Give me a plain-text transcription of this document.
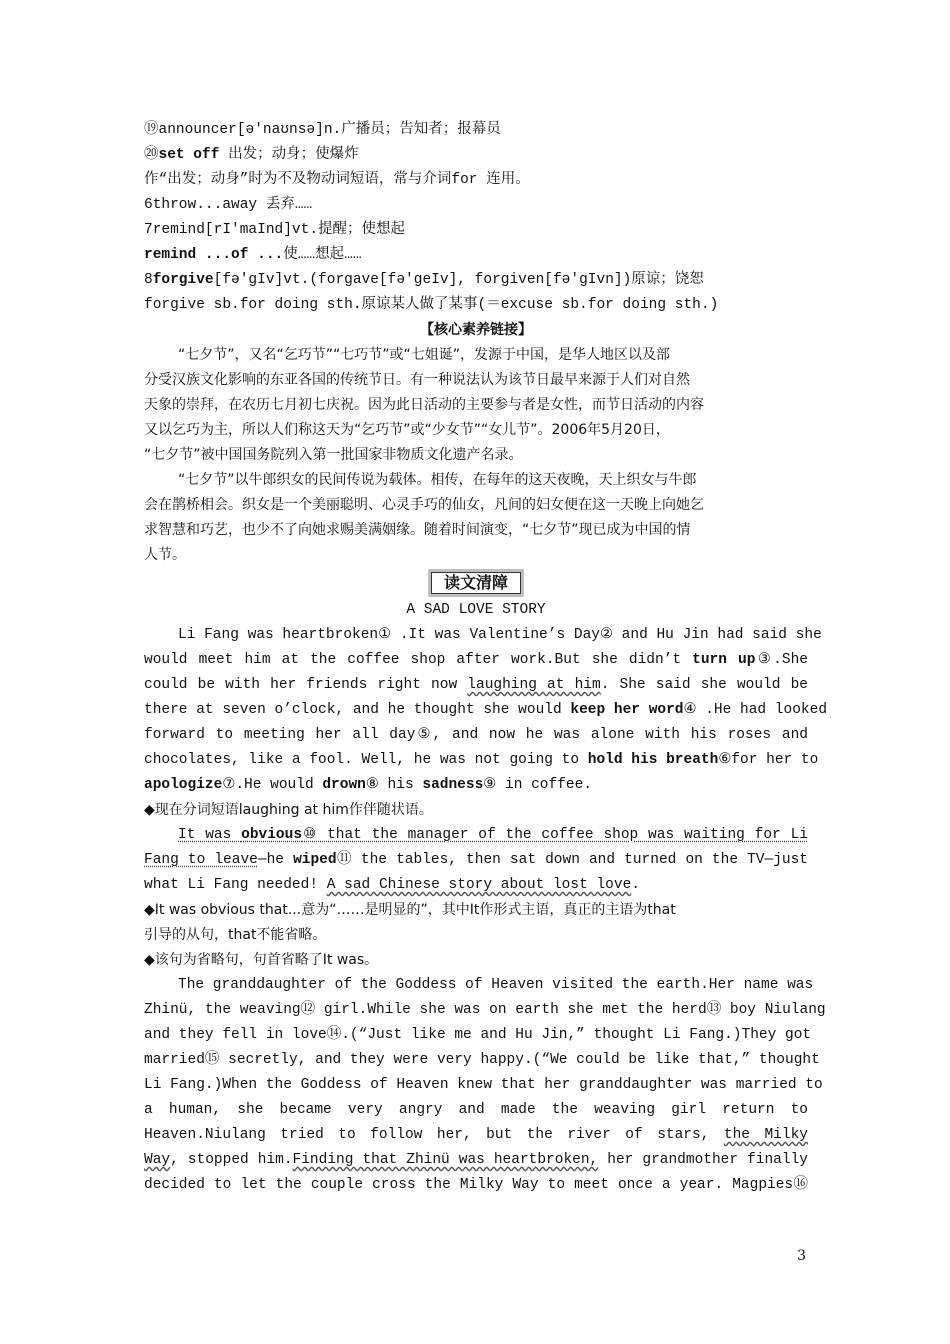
⑲announcer[ə'naʊnsə]n.广播员；告知者；报幕员
⑳set off 出发；动身；使爆炸
作“出发；动身”时为不及物动词短语，常与介词for 连用。
6throw...away 丢弃……
7remind[rI'maInd]vt.提醒；使想起
remind ...of ...使……想起……
8forgive[fə'gIv]vt.(forgave[fə'geIv], forgiven[fə'gIvn])原谅；饶恕
forgive sb.for doing sth.原谅某人做了某事(＝excuse sb.for doing sth.)
【核心素养链接】
“七夕节”，又名“乞巧节”“七巧节”或“七姐诞”，发源于中国，是华人地区以及部
分受汉族文化影响的东亚各国的传统节日。有一种说法认为该节日最早来源于人们对自然
天象的崇拜，在农历七月初七庆祝。因为此日活动的主要参与者是女性，而节日活动的内容
又以乞巧为主，所以人们称这天为“乞巧节”或“少女节”“女儿节”。2006年5月20日，
“七夕节”被中国国务院列入第一批国家非物质文化遗产名录。
“七夕节”以牛郎织女的民间传说为载体。相传，在每年的这天夜晚，天上织女与牛郎
会在鹊桥相会。织女是一个美丽聪明、心灵手巧的仙女，凡间的妇女便在这一天晚上向她乞
求智慧和巧艺，也少不了向她求赐美满姻缘。随着时间演变，“七夕节”现已成为中国的情
人节。
读文清障
A SAD LOVE STORY
Li Fang was heartbroken① .It was Valentine’s Day② and Hu Jin had said she
would meet him at the coffee shop after work.But she didn’t turn up③.She
could be with her friends right now laughing at him. She said she would be
there at seven o’clock, and he thought she would keep her word④ .He had looked
forward to meeting her all day⑤, and now he was alone with his roses and
chocolates, like a fool. Well, he was not going to hold his breath⑥for her to
apologize⑦.He would drown⑧ his sadness⑨ in coffee.
◆现在分词短语laughing at him作伴随状语。
It was obvious⑩ that the manager of the coffee shop was waiting for Li
Fang to leave—he wiped⑪ the tables, then sat down and turned on the TV—just
what Li Fang needed! A sad Chinese story about lost love.
◆It was obvious that...意为“……是明显的”，其中It作形式主语，真正的主语为that
引导的从句，that不能省略。
◆该句为省略句，句首省略了It was。
The granddaughter of the Goddess of Heaven visited the earth.Her name was
Zhinü, the weaving⑫ girl.While she was on earth she met the herd⑬ boy Niulang
and they fell in love⑭.(“Just like me and Hu Jin,” thought Li Fang.)They got
married⑮ secretly, and they were very happy.(“We could be like that,” thought
Li Fang.)When the Goddess of Heaven knew that her granddaughter was married to
a human, she became very angry and made the weaving girl return to
Heaven.Niulang tried to follow her, but the river of stars, the Milky
Way, stopped him.Finding that Zhinü was heartbroken, her grandmother finally
decided to let the couple cross the Milky Way to meet once a year. Magpies⑯
3
